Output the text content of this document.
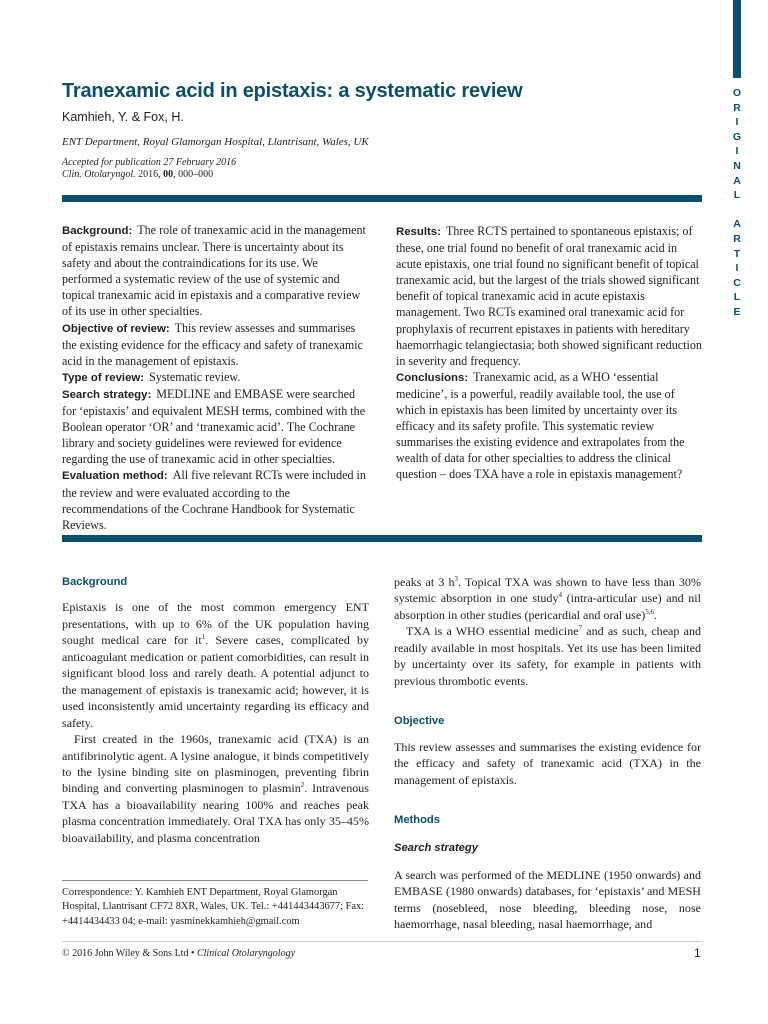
O
R
I
G
I
N
A
L

A
R
T
I
C
L
E
Tranexamic acid in epistaxis: a systematic review
Kamhieh, Y. & Fox, H.
ENT Department, Royal Glamorgan Hospital, Llantrisant, Wales, UK
Accepted for publication 27 February 2016
Clin. Otolaryngol. 2016, 00, 000–000

Background: The role of tranexamic acid in the management of epistaxis remains unclear. There is uncertainty about its safety and about the contraindications for its use. We performed a systematic review of the use of systemic and topical tranexamic acid in epistaxis and a comparative review of its use in other specialties.

Objective of review: This review assesses and summarises the existing evidence for the efficacy and safety of tranexamic acid in the management of epistaxis.

Type of review: Systematic review.

Search strategy: MEDLINE and EMBASE were searched for ‘epistaxis’ and equivalent MESH terms, combined with the Boolean operator ‘OR’ and ‘tranexamic acid’. The Cochrane library and society guidelines were reviewed for evidence regarding the use of tranexamic acid in other specialties.

Evaluation method: All five relevant RCTs were included in the review and were evaluated according to the recommendations of the Cochrane Handbook for Systematic Reviews.

Results: Three RCTS pertained to spontaneous epistaxis; of these, one trial found no benefit of oral tranexamic acid in acute epistaxis, one trial found no significant benefit of topical tranexamic acid, but the largest of the trials showed significant benefit of topical tranexamic acid in acute epistaxis management. Two RCTs examined oral tranexamic acid for prophylaxis of recurrent epistaxes in patients with hereditary haemorrhagic telangiectasia; both showed significant reduction in severity and frequency.

Conclusions: Tranexamic acid, as a WHO ‘essential medicine’, is a powerful, readily available tool, the use of which in epistaxis has been limited by uncertainty over its efficacy and its safety profile. This systematic review summarises the existing evidence and extrapolates from the wealth of data for other specialties to address the clinical question – does TXA have a role in epistaxis management?

Background

Epistaxis is one of the most common emergency ENT presentations, with up to 6% of the UK population having sought medical care for $it^1$. Severe cases, complicated by anticoagulant medication or patient comorbidities, can result in significant blood loss and rarely death. A potential adjunct to the management of epistaxis is tranexamic acid; however, it is used inconsistently amid uncertainty regarding its efficacy and safety.

First created in the 1960s, tranexamic acid (TXA) is an antifibrinolytic agent. A lysine analogue, it binds competitively to the lysine binding site on plasminogen, preventing fibrin binding and converting plasminogen to plasmin$^2$. Intravenous TXA has a bioavailability nearing 100% and reaches peak plasma concentration immediately. Oral TXA has only 35–45% bioavailability, and plasma concentration

peaks at 3 $h^3$. Topical TXA was shown to have less than 30% systemic absorption in one study$^4$ (intra-articular use) and nil absorption in other studies (pericardial and oral use)$^{5,6}$.

TXA is a WHO essential medicine$^7$ and as such, cheap and readily available in most hospitals. Yet its use has been limited by uncertainty over its safety, for example in patients with previous thrombotic events.

Objective

This review assesses and summarises the existing evidence for the efficacy and safety of tranexamic acid (TXA) in the management of epistaxis.

Methods
Search strategy

A search was performed of the MEDLINE (1950 onwards) and EMBASE (1980 onwards) databases, for ‘epistaxis’ and MESH terms (nosebleed, nose bleeding, bleeding nose, nose haemorrhage, nasal bleeding, nasal haemorrhage, and

Correspondence: Y. Kamhieh ENT Department, Royal Glamorgan Hospital, Llantrisant CF72 8XR, Wales, UK. Tel.: +441443443677; Fax: +4414434433 04; e-mail: yasminekkamhieh@gmail.com
© 2016 John Wiley & Sons Ltd • Clinical Otolaryngology	1
